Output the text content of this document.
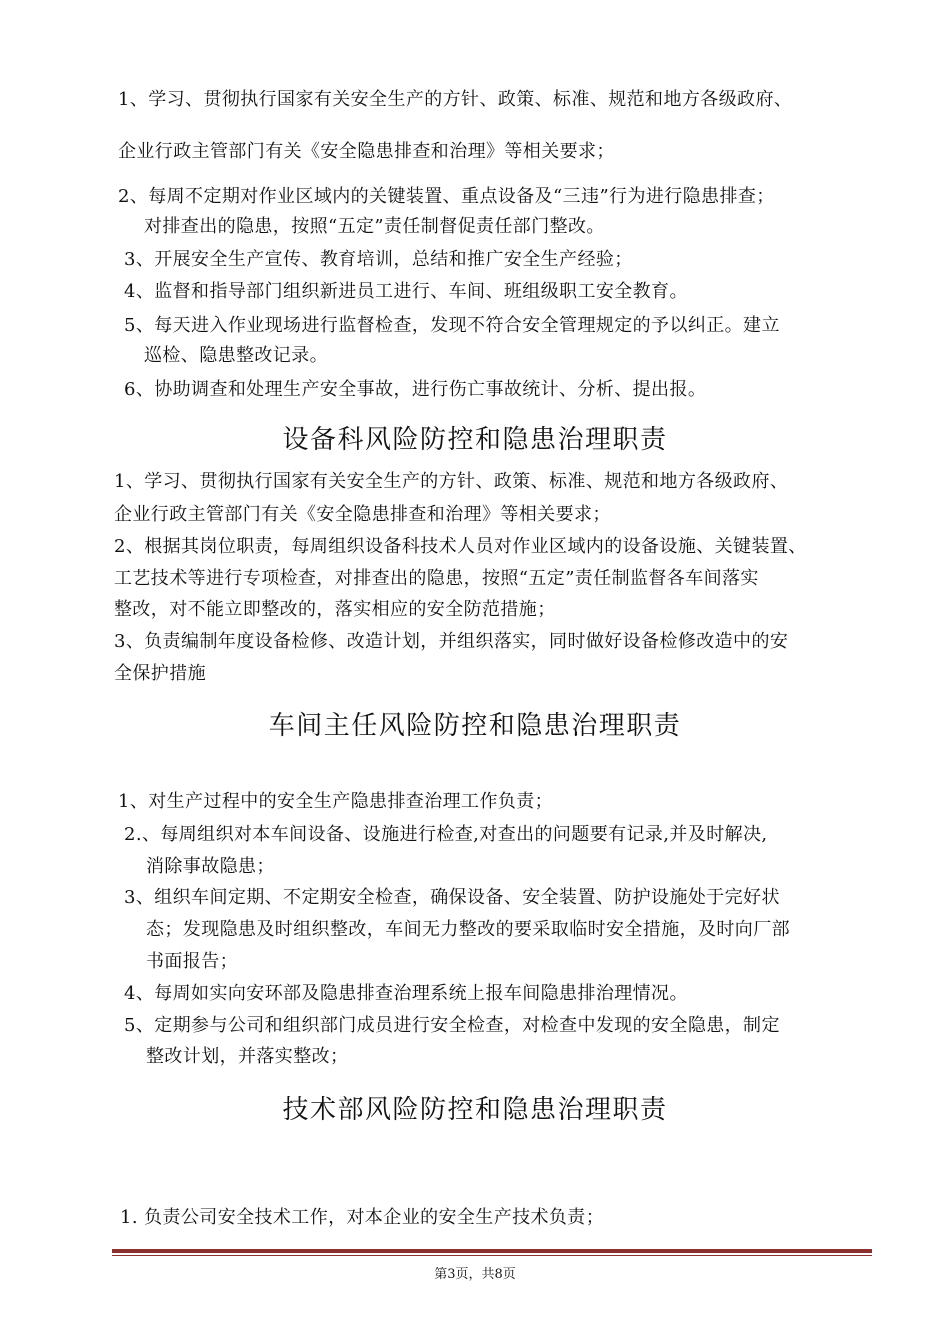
1、学习、贯彻执行国家有关安全生产的方针、政策、标准、规范和地方各级政府、
企业行政主管部门有关《安全隐患排查和治理》等相关要求；
2、每周不定期对作业区域内的关键装置、重点设备及“三违”行为进行隐患排查；
对排查出的隐患，按照“五定”责任制督促责任部门整改。
3、开展安全生产宣传、教育培训，总结和推广安全生产经验；
4、监督和指导部门组织新进员工进行、车间、班组级职工安全教育。
5、每天进入作业现场进行监督检查，发现不符合安全管理规定的予以纠正。建立
巡检、隐患整改记录。
6、协助调查和处理生产安全事故，进行伤亡事故统计、分析、提出报。
设备科风险防控和隐患治理职责
1、学习、贯彻执行国家有关安全生产的方针、政策、标准、规范和地方各级政府、
企业行政主管部门有关《安全隐患排查和治理》等相关要求；
2、根据其岗位职责，每周组织设备科技术人员对作业区域内的设备设施、关键装置、
工艺技术等进行专项检查，对排查出的隐患，按照“五定”责任制监督各车间落实
整改，对不能立即整改的，落实相应的安全防范措施；
3、负责编制年度设备检修、改造计划，并组织落实，同时做好设备检修改造中的安
全保护措施
车间主任风险防控和隐患治理职责
1、对生产过程中的安全生产隐患排查治理工作负责；
2.、每周组织对本车间设备、设施进行检查,对查出的问题要有记录,并及时解决,
消除事故隐患；
3、组织车间定期、不定期安全检查，确保设备、安全装置、防护设施处于完好状
态；发现隐患及时组织整改，车间无力整改的要采取临时安全措施，及时向厂部
书面报告；
4、每周如实向安环部及隐患排查治理系统上报车间隐患排治理情况。
5、定期参与公司和组织部门成员进行安全检查，对检查中发现的安全隐患，制定
整改计划，并落实整改；
技术部风险防控和隐患治理职责
1. 负责公司安全技术工作，对本企业的安全生产技术负责；
第3页，共8页
